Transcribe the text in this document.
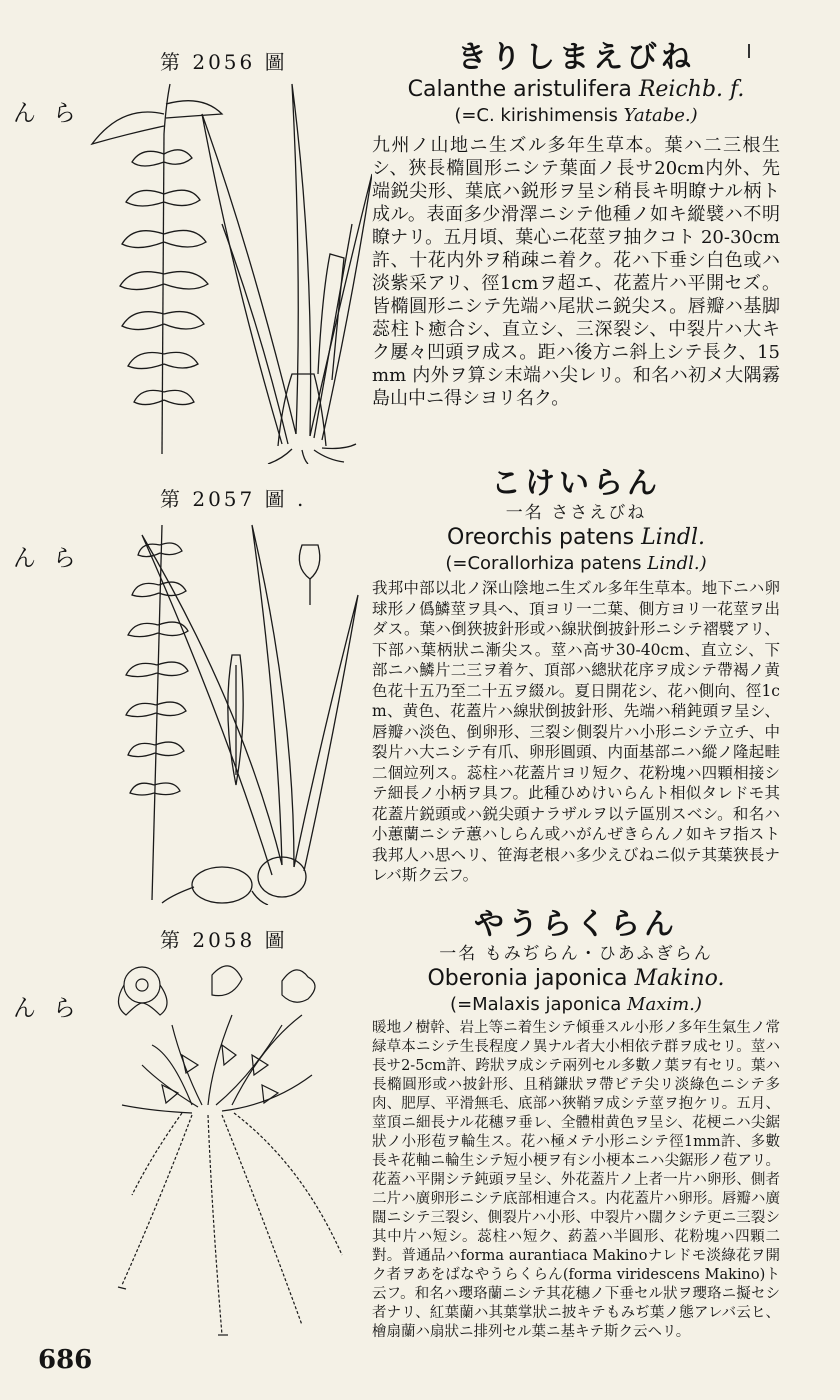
第 2056 圖
らん
きりしまえびね
Calanthe aristulifera Reichb. f.
(=C. kirishimensis Yatabe.)
九州ノ山地ニ生ズル多年生草本。葉ハ二三根生シ、狹長橢圓形ニシテ葉面ノ長サ20cm内外、先端鋭尖形、葉底ハ鋭形ヲ呈シ稍長キ明瞭ナル柄ト成ル。表面多少滑澤ニシテ他種ノ如キ縱襞ハ不明瞭ナリ。五月頃、葉心ニ花莖ヲ抽クコト 20-30cm許、十花内外ヲ稍疎ニ着ク。花ハ下垂シ白色或ハ淡紫采アリ、徑1cmヲ超エ、花蓋片ハ平開セズ。皆橢圓形ニシテ先端ハ尾狀ニ鋭尖ス。唇瓣ハ基脚蕊柱ト癒合シ、直立シ、三深裂シ、中裂片ハ大キク屢々凹頭ヲ成ス。距ハ後方ニ斜上シテ長ク、15mm 内外ヲ算シ末端ハ尖レリ。和名ハ初メ大隅霧島山中ニ得シヨリ名ク。
第 2057 圖 .
らん
こけいらん
一名 ささえびね
Oreorchis patens Lindl.
(=Corallorhiza patens Lindl.)
我邦中部以北ノ深山陰地ニ生ズル多年生草本。地下ニハ卵球形ノ僞鱗莖ヲ具ヘ、頂ヨリ一二葉、側方ヨリ一花莖ヲ出ダス。葉ハ倒狹披針形或ハ線狀倒披針形ニシテ褶襞アリ、下部ハ葉柄狀ニ漸尖ス。莖ハ高サ30-40cm、直立シ、下部ニハ鱗片二三ヲ着ケ、頂部ハ總狀花序ヲ成シテ帶褐ノ黄色花十五乃至二十五ヲ綴ル。夏日開花シ、花ハ側向、徑1cm、黄色、花蓋片ハ線狀倒披針形、先端ハ稍鈍頭ヲ呈シ、唇瓣ハ淡色、倒卵形、三裂シ側裂片ハ小形ニシテ立チ、中裂片ハ大ニシテ有爪、卵形圓頭、内面基部ニハ縱ノ隆起畦二個竝列ス。蕊柱ハ花蓋片ヨリ短ク、花粉塊ハ四顆相接シテ細長ノ小柄ヲ具フ。此種ひめけいらんト相似タレドモ其花蓋片鋭頭或ハ鋭尖頭ナラザルヲ以テ區別スベシ。和名ハ小蕙蘭ニシテ蕙ハしらん或ハがんぜきらんノ如キヲ指スト我邦人ハ思ヘリ、笹海老根ハ多少えびねニ似テ其葉狹長ナレバ斯ク云フ。
第 2058 圖
らん
やうらくらん
一名 もみぢらん・ひあふぎらん
Oberonia japonica Makino.
(=Malaxis japonica Maxim.)
暖地ノ樹幹、岩上等ニ着生シテ傾垂スル小形ノ多年生氣生ノ常緑草本ニシテ生長程度ノ異ナル者大小相依テ群ヲ成セリ。莖ハ長サ2-5cm許、跨狀ヲ成シテ兩列セル多數ノ葉ヲ有セリ。葉ハ長橢圓形或ハ披針形、且稍鎌狀ヲ帶ビテ尖リ淡綠色ニシテ多肉、肥厚、平滑無毛、底部ハ狹鞘ヲ成シテ莖ヲ抱ケリ。五月、莖頂ニ細長ナル花穗ヲ垂レ、全體柑黄色ヲ呈シ、花梗ニハ尖鋸狀ノ小形苞ヲ輪生ス。花ハ極メテ小形ニシテ徑1mm許、多數長キ花軸ニ輪生シテ短小梗ヲ有シ小梗本ニハ尖鋸形ノ苞アリ。花蓋ハ平開シテ鈍頭ヲ呈シ、外花蓋片ノ上者一片ハ卵形、側者二片ハ廣卵形ニシテ底部相連合ス。内花蓋片ハ卵形。唇瓣ハ廣闊ニシテ三裂シ、側裂片ハ小形、中裂片ハ闊クシテ更ニ三裂シ其中片ハ短シ。蕊柱ハ短ク、葯蓋ハ半圓形、花粉塊ハ四顆二對。普通品ハforma aurantiaca Makinoナレドモ淡綠花ヲ開ク者ヲあをばなやうらくらん(forma viridescens Makino)ト云フ。和名ハ瓔珞蘭ニシテ其花穗ノ下垂セル狀ヲ瓔珞ニ擬セシ者ナリ、紅葉蘭ハ其葉掌狀ニ披キテもみぢ葉ノ態アレバ云ヒ、檜扇蘭ハ扇狀ニ排列セル葉ニ基キテ斯ク云ヘリ。
686
